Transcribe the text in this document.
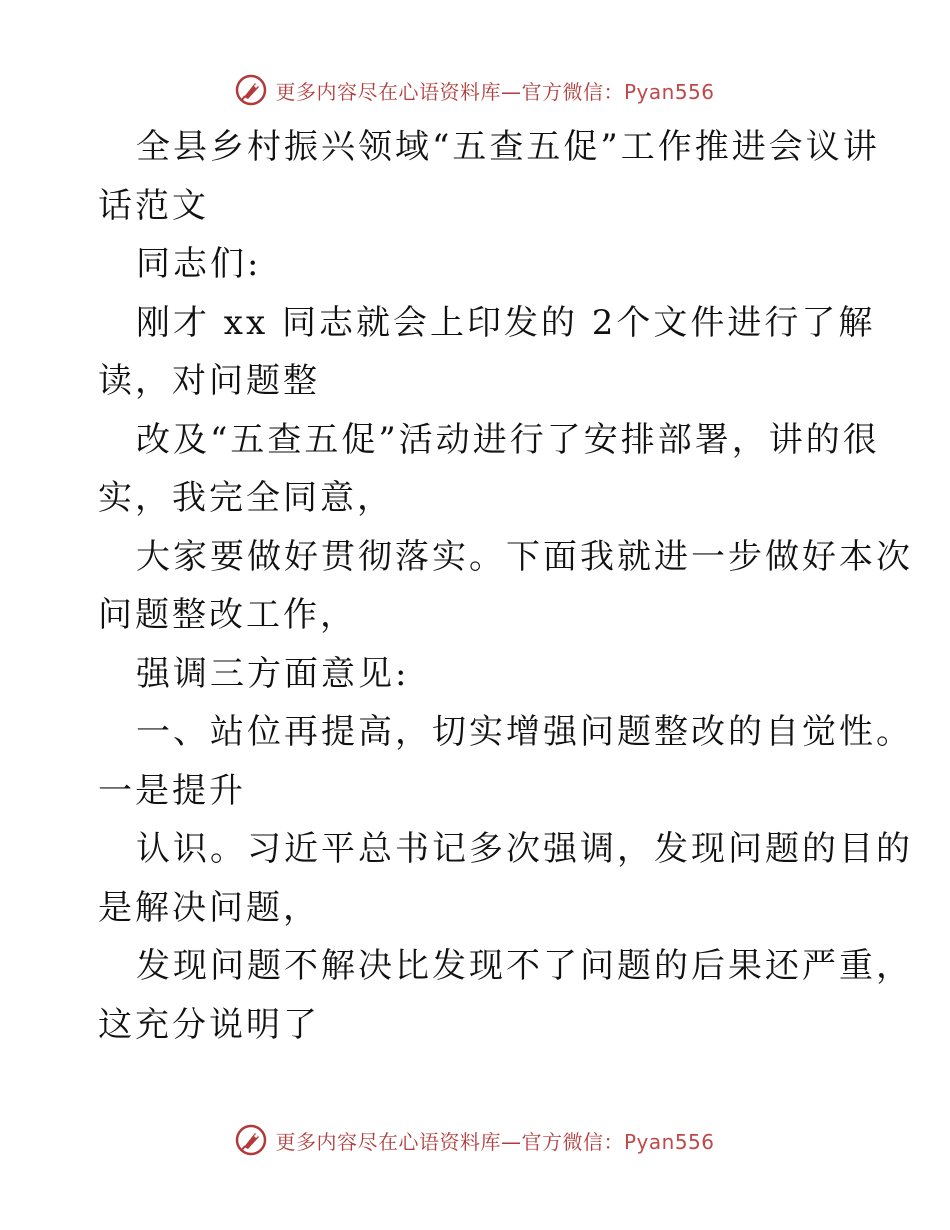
更多内容尽在心语资料库—官方微信：Pyan556
全县乡村振兴领域“五查五促”工作推进会议讲
话范文
同志们:
刚才 xx 同志就会上印发的 2个文件进行了解
读，对问题整
改及“五查五促”活动进行了安排部署，讲的很
实，我完全同意，
大家要做好贯彻落实。下面我就进一步做好本次
问题整改工作，
强调三方面意见:
一、站位再提高，切实增强问题整改的自觉性。
一是提升
认识。习近平总书记多次强调，发现问题的目的
是解决问题，
发现问题不解决比发现不了问题的后果还严重，
这充分说明了
更多内容尽在心语资料库—官方微信：Pyan556
